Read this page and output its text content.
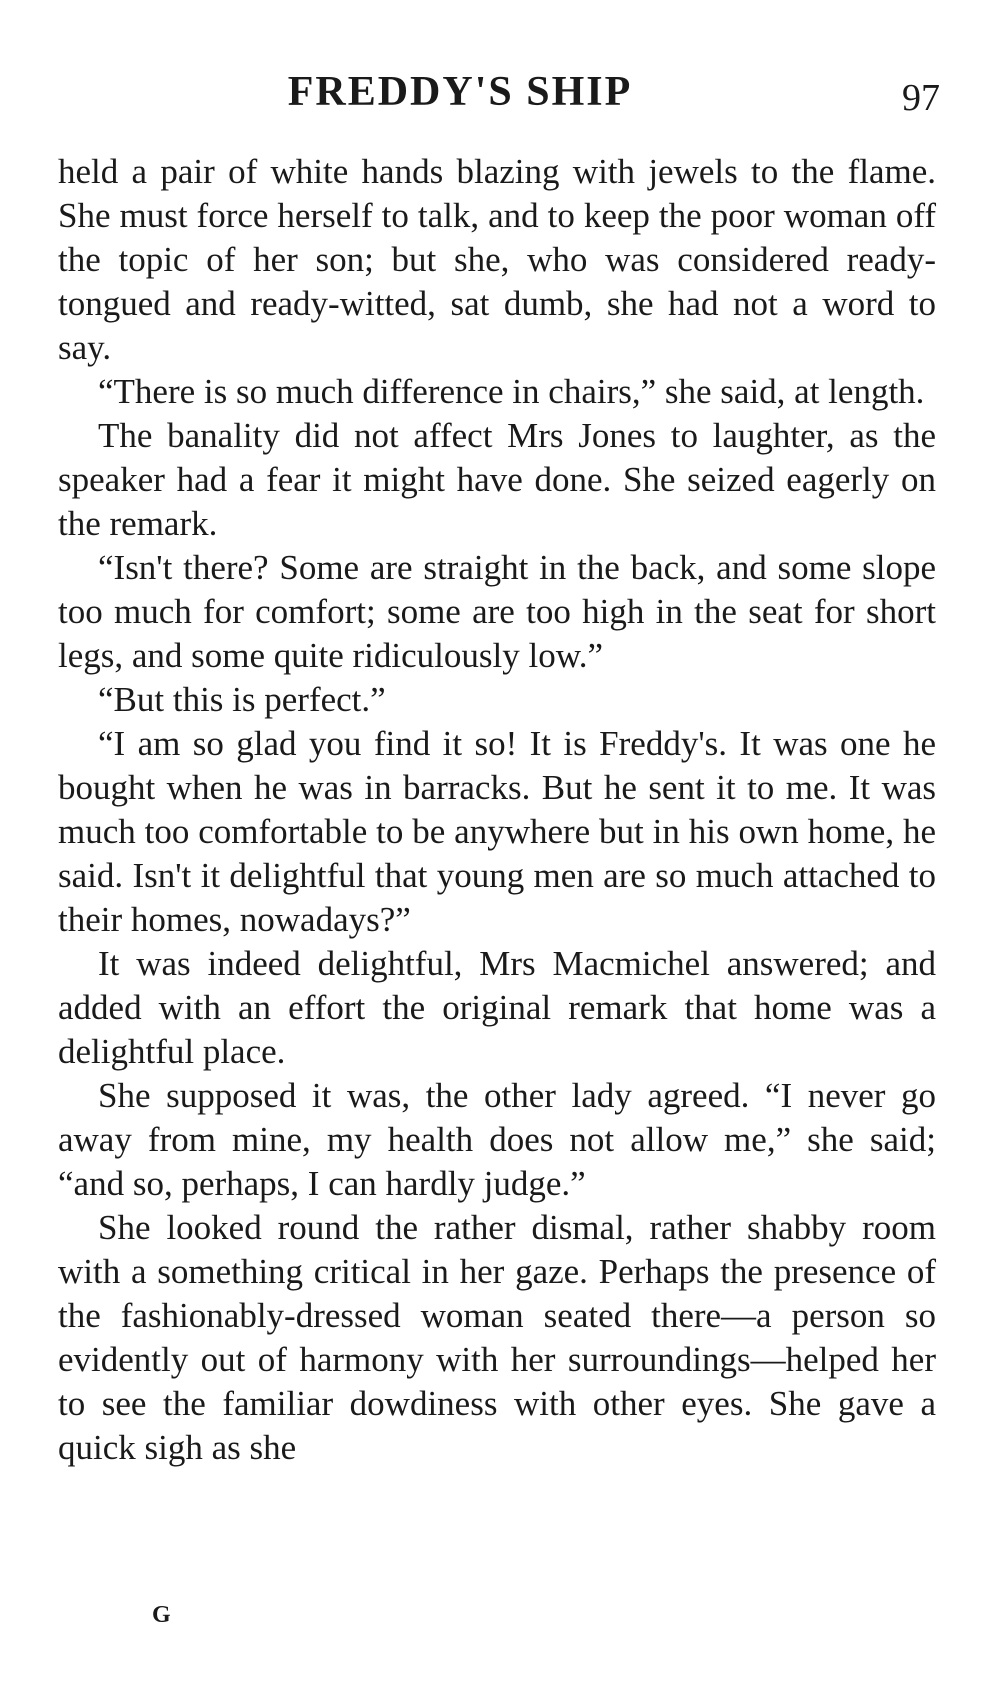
FREDDY'S SHIP	97

held a pair of white hands blazing with jewels to the flame. She must force herself to talk, and to keep the poor woman off the topic of her son; but she, who was considered ready-tongued and ready-witted, sat dumb, she had not a word to say.

“There is so much difference in chairs,” she said, at length.

The banality did not affect Mrs Jones to laughter, as the speaker had a fear it might have done. She seized eagerly on the remark.

“Isn't there? Some are straight in the back, and some slope too much for comfort; some are too high in the seat for short legs, and some quite ridiculously low.”

“But this is perfect.”

“I am so glad you find it so! It is Freddy's. It was one he bought when he was in barracks. But he sent it to me. It was much too comfortable to be anywhere but in his own home, he said. Isn't it delightful that young men are so much attached to their homes, nowadays?”

It was indeed delightful, Mrs Macmichel answered; and added with an effort the original remark that home was a delightful place.

She supposed it was, the other lady agreed. “I never go away from mine, my health does not allow me,” she said; “and so, perhaps, I can hardly judge.”

She looked round the rather dismal, rather shabby room with a something critical in her gaze. Perhaps the presence of the fashionably-dressed woman seated there—a person so evidently out of harmony with her surroundings—helped her to see the familiar dowdiness with other eyes. She gave a quick sigh as she

G
